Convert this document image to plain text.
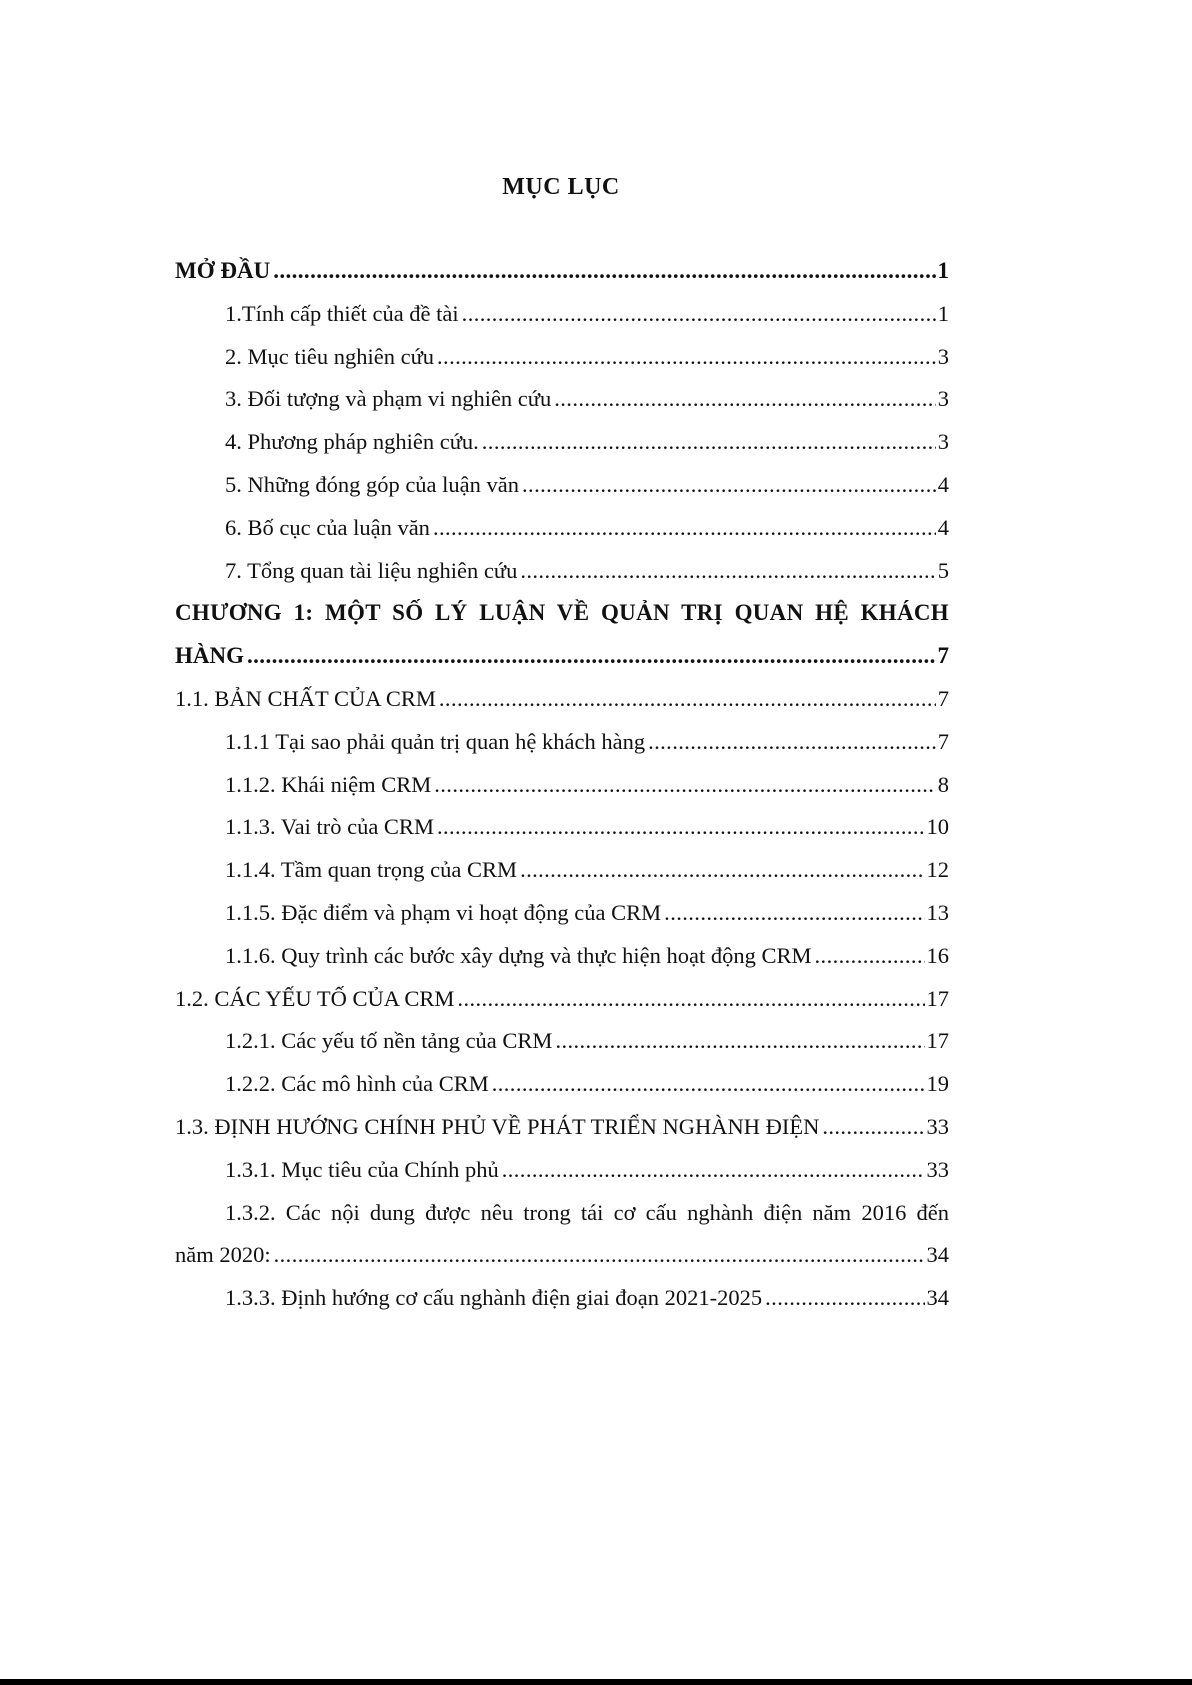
MỤC LỤC
MỞ ĐẦU .....	1
1.Tính cấp thiết của đề tài .....	1
2. Mục tiêu nghiên cứu .....	3
3. Đối tượng và phạm vi nghiên cứu .....	3
4. Phương pháp nghiên cứu. .....	3
5. Những đóng góp của luận văn .....	4
6. Bố cục của luận văn .....	4
7. Tổng quan tài liệu nghiên cứu .....	5
CHƯƠNG 1: MỘT SỐ LÝ LUẬN VỀ QUẢN TRỊ QUAN HỆ KHÁCH
HÀNG .....	7
1.1. BẢN CHẤT CỦA CRM .....	7
1.1.1 Tại sao phải quản trị quan hệ khách hàng .....	7
1.1.2. Khái niệm CRM .....	8
1.1.3. Vai trò của CRM .....	10
1.1.4. Tầm quan trọng của CRM .....	12
1.1.5. Đặc điểm và phạm vi hoạt động của CRM .....	13
1.1.6. Quy trình các bước xây dựng và thực hiện hoạt động CRM .....	16
1.2. CÁC YẾU TỐ CỦA CRM .....	17
1.2.1. Các yếu tố nền tảng của CRM .....	17
1.2.2. Các mô hình của CRM .....	19
1.3. ĐỊNH HƯỚNG CHÍNH PHỦ VỀ PHÁT TRIỂN NGHÀNH ĐIỆN .....	33
1.3.1. Mục tiêu của Chính phủ .....	33
1.3.2. Các nội dung được nêu trong tái cơ cấu nghành điện năm 2016 đến
năm 2020: .....	34
1.3.3. Định hướng cơ cấu nghành điện giai đoạn 2021-2025 .....	34
